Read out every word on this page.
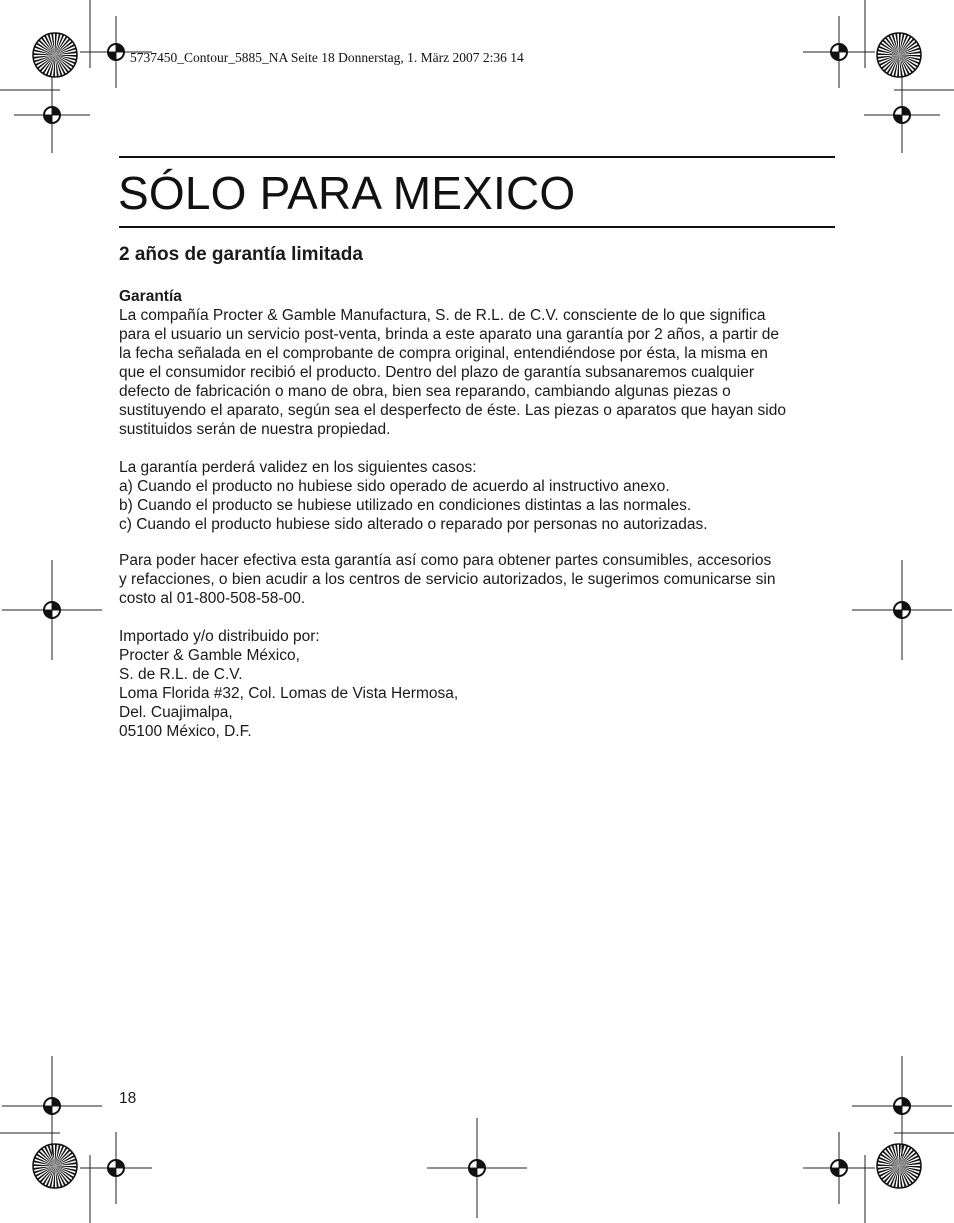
5737450_Contour_5885_NA Seite 18 Donnerstag, 1. März 2007 2:36 14
SÓLO PARA MEXICO
2 años de garantía limitada

Garantía

La compañía Procter & Gamble Manufactura, S. de R.L. de C.V. consciente de lo que significa

para el usuario un servicio post-venta, brinda a este aparato una garantía por 2 años, a partir de

la fecha señalada en el comprobante de compra original, entendiéndose por ésta, la misma en

que el consumidor recibió el producto. Dentro del plazo de garantía subsanaremos cualquier

defecto de fabricación o mano de obra, bien sea reparando, cambiando algunas piezas o

sustituyendo el aparato, según sea el desperfecto de éste. Las piezas o aparatos que hayan sido

sustituidos serán de nuestra propiedad.

La garantía perderá validez en los siguientes casos:

a) Cuando el producto no hubiese sido operado de acuerdo al instructivo anexo.

b) Cuando el producto se hubiese utilizado en condiciones distintas a las normales.

c) Cuando el producto hubiese sido alterado o reparado por personas no autorizadas.

Para poder hacer efectiva esta garantía así como para obtener partes consumibles, accesorios

y refacciones, o bien acudir a los centros de servicio autorizados, le sugerimos comunicarse sin

costo al 01-800-508-58-00.

Importado y/o distribuido por:

Procter & Gamble México,

S. de R.L. de C.V.

Loma Florida #32, Col. Lomas de Vista Hermosa,

Del. Cuajimalpa,

05100 México, D.F.

18
